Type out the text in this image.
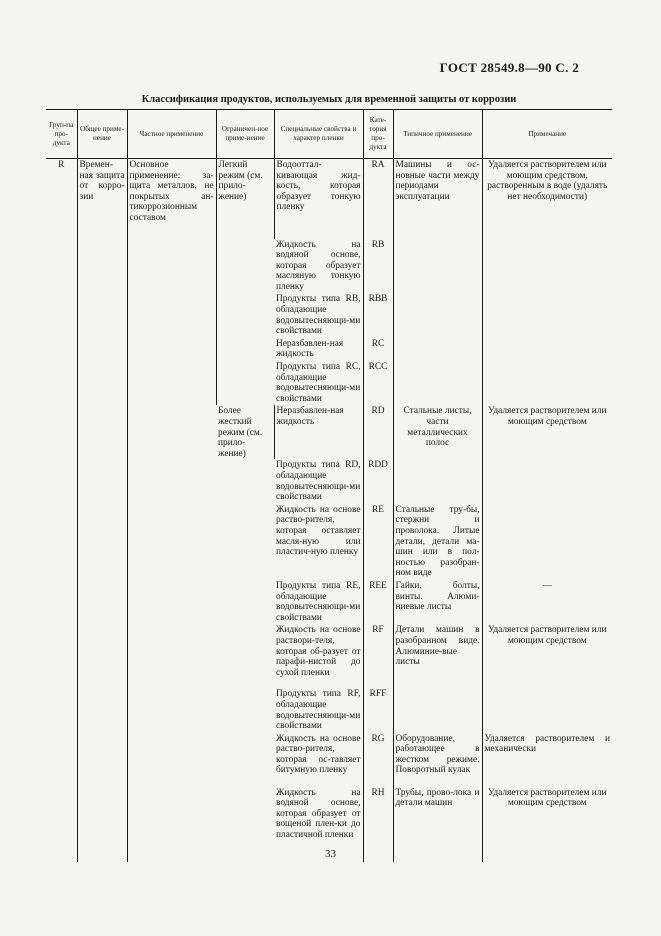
ГОСТ 28549.8—90 С. 2
Классификация продуктов, используемых для временной защиты от коррозии
Груп-па про-дукта	Общее приме-нение	Частное применение	Ограничен-ное приме-нение	Специальные свойства и характер пленки	Кате-гория про-дукта	Типичное применение	Примечание
R	Времен-ная защита от корро-зии	Основное применение: за-щита металлов, не покрытых ан-тикоррозионным составом	Легкий режим (см. прило-жение)	Водооттал-кивающая жид-кость, которая образует тонкую пленку	RA	Машины и ос-новные части между периодами эксплуатации	Удаляется растворителем или моющим средством, растворенным в воде (удалять нет необходимости)
				Жидкость на водяной основе, которая образует масляную тонкую пленку	RB		
				Продукты типа RB, обладающие водовытесняющи-ми свойствами	RBB		
				Неразбавлен-ная жидкость	RC		
				Продукты типа RC, обладающие водовытесняющи-ми свойствами	RCC		
			Более жесткий режим (см. прило-жение)	Неразбавлен-ная жидкость	RD	Стальные листы, части металлических полос	Удаляется растворителем или моющим средством
				Продукты типа RD, обладающие водовытесняющи-ми свойствами	RDD		
				Жидкость на основе раство-рителя, которая оставляет масля-ную или пластич-ную пленку	RE	Стальные тру-бы, стержни и проволока. Литые детали, детали ма-шин или в пол-ностью разобран-ном виде	
				Продукты типа RE, обладающие водовытесняющи-ми свойствами	REE	Гайки, болты, винты. Алюми-ниевые листы	—
				Жидкость на основе раствори-теля, которая об-разует от парафи-нистой до сухой пленки	RF	Детали машин в разобранном виде. Алюминие-вые листы	Удаляется растворителем или моющим средством
				Продукты типа RF, обладающие водовытесняющи-ми свойствами	RFF		
				Жидкость на основе раство-рителя, которая ос-тавляет битумную пленку	RG	Оборудование, работающее в жестком режиме. Поворотный кулак	Удаляется растворителем и механически
				Жидкость на водяной основе, которая образует от вощеной плен-ки до пластичной пленки	RH	Трубы, прово-лока и детали машин	Удаляется растворителем или моющим средством

33
